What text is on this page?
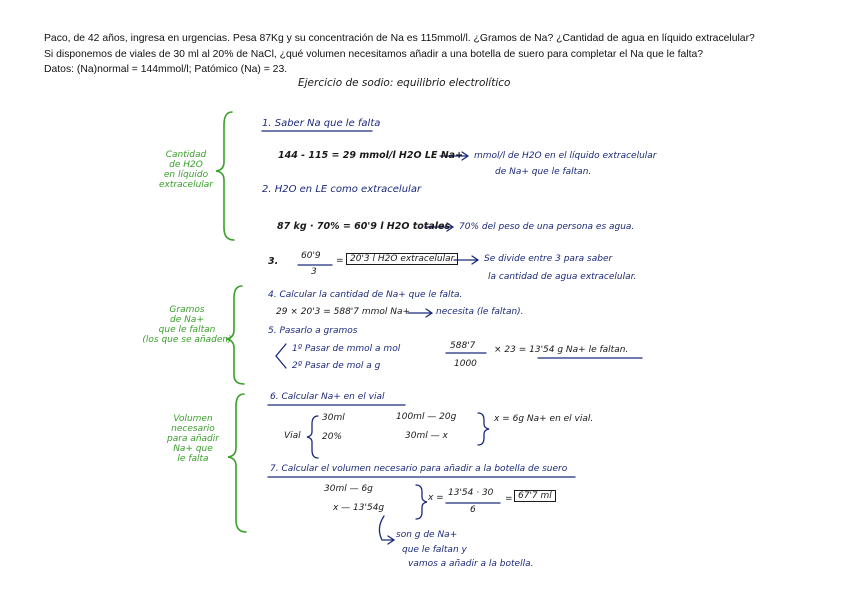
Paco, de 42 años, ingresa en urgencias. Pesa 87Kg y su concentración de Na es 115mmol/l. ¿Gramos de Na? ¿Cantidad de agua en líquido extracelular?
Si disponemos de viales de 30 ml al 20% de NaCl, ¿qué volumen necesitamos añadir a una botella de suero para completar el Na que le falta?
Datos: (Na)normal = 144mmol/l; Patómico (Na) = 23.
Ejercicio de sodio: equilibrio electrolítico
1. Saber Na que le falta
144 - 115 = 29 mmol/l H2O LE Na+ mmol/l de H2O en el líquido extracelular
de Na+ que le faltan.
2. H2O en LE como extracelular
87 kg · 70% = 60'9 l H2O totales 70% del peso de una persona es agua.
3.	60'9
3
= 20'3 l H2O extracelular	Se divide entre 3 para saber
la cantidad de agua extracelular.
4. Calcular la cantidad de Na+ que le falta.
29 × 20'3 = 588'7 mmol Na+	necesita (le faltan).
5. Pasarlo a gramos
1º Pasar de mmol a mol
2º Pasar de mol a g
588'7
1000
× 23 = 13'54 g Na+ le faltan.
6. Calcular Na+ en el vial
Vial
30ml
20%
100ml — 20g
30ml — x
x = 6g Na+ en el vial.
7. Calcular el volumen necesario para añadir a la botella de suero
30ml — 6g
x — 13'54g
x = 13'54 · 30
6
= 67'7 ml
son g de Na+
que le faltan y
vamos a añadir a la botella.
Cantidad
de H2O
en líquido
extracelular
Gramos
de Na+
que le faltan
(los que se añaden)
Volumen
necesario
para añadir
Na+ que
le falta
